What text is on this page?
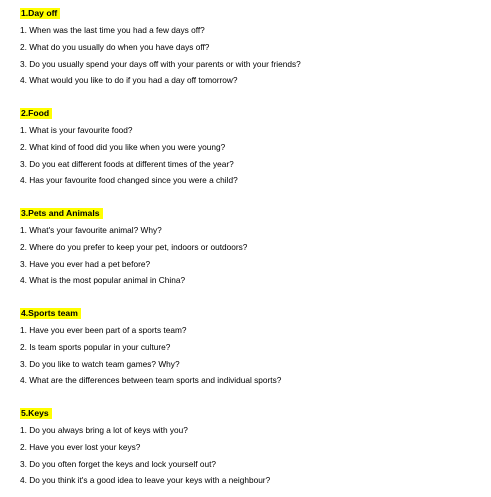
1.Day off
1. When was the last time you had a few days off?
2. What do you usually do when you have days off?
3. Do you usually spend your days off with your parents or with your friends?
4. What would you like to do if you had a day off tomorrow?
2.Food
1. What is your favourite food?
2. What kind of food did you like when you were young?
3. Do you eat different foods at different times of the year?
4. Has your favourite food changed since you were a child?
3.Pets and Animals
1. What's your favourite animal? Why?
2. Where do you prefer to keep your pet, indoors or outdoors?
3. Have you ever had a pet before?
4. What is the most popular animal in China?
4.Sports team
1. Have you ever been part of a sports team?
2. Is team sports popular in your culture?
3. Do you like to watch team games? Why?
4. What are the differences between team sports and individual sports?
5.Keys
1. Do you always bring a lot of keys with you?
2. Have you ever lost your keys?
3. Do you often forget the keys and lock yourself out?
4. Do you think it's a good idea to leave your keys with a neighbour?
